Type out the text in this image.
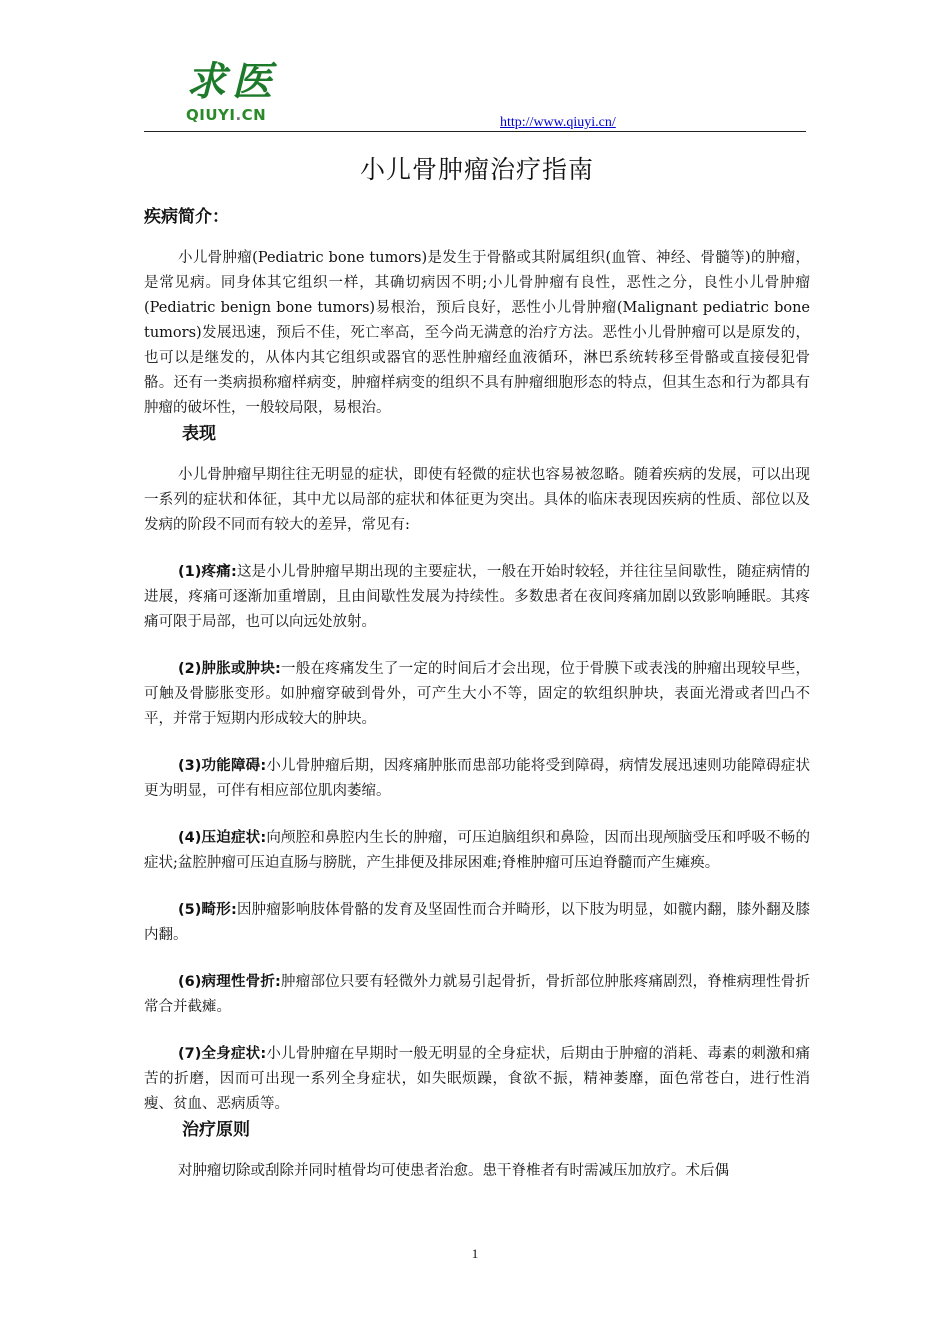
求医
QIUYI.CN	http://www.qiuyi.cn/
小儿骨肿瘤治疗指南
疾病简介：

小儿骨肿瘤(Pediatric bone tumors)是发生于骨骼或其附属组织(血管、神经、骨髓等)的肿瘤，是常见病。同身体其它组织一样，其确切病因不明;小儿骨肿瘤有良性，恶性之分，良性小儿骨肿瘤(Pediatric benign bone tumors)易根治，预后良好，恶性小儿骨肿瘤(Malignant pediatric bone tumors)发展迅速，预后不佳，死亡率高，至今尚无满意的治疗方法。恶性小儿骨肿瘤可以是原发的，也可以是继发的，从体内其它组织或器官的恶性肿瘤经血液循环，淋巴系统转移至骨骼或直接侵犯骨骼。还有一类病损称瘤样病变，肿瘤样病变的组织不具有肿瘤细胞形态的特点，但其生态和行为都具有肿瘤的破坏性，一般较局限，易根治。

表现

小儿骨肿瘤早期往往无明显的症状，即使有轻微的症状也容易被忽略。随着疾病的发展，可以出现一系列的症状和体征，其中尤以局部的症状和体征更为突出。具体的临床表现因疾病的性质、部位以及发病的阶段不同而有较大的差异，常见有:

(1)疼痛:这是小儿骨肿瘤早期出现的主要症状，一般在开始时较轻，并往往呈间歇性，随症病情的进展，疼痛可逐渐加重增剧，且由间歇性发展为持续性。多数患者在夜间疼痛加剧以致影响睡眠。其疼痛可限于局部，也可以向远处放射。

(2)肿胀或肿块:一般在疼痛发生了一定的时间后才会出现，位于骨膜下或表浅的肿瘤出现较早些，可触及骨膨胀变形。如肿瘤穿破到骨外，可产生大小不等，固定的软组织肿块，表面光滑或者凹凸不平，并常于短期内形成较大的肿块。

(3)功能障碍:小儿骨肿瘤后期，因疼痛肿胀而患部功能将受到障碍，病情发展迅速则功能障碍症状更为明显，可伴有相应部位肌肉萎缩。

(4)压迫症状:向颅腔和鼻腔内生长的肿瘤，可压迫脑组织和鼻险，因而出现颅脑受压和呼吸不畅的症状;盆腔肿瘤可压迫直肠与膀胱，产生排便及排尿困难;脊椎肿瘤可压迫脊髓而产生瘫痪。

(5)畸形:因肿瘤影响肢体骨骼的发育及坚固性而合并畸形，以下肢为明显，如髋内翻，膝外翻及膝内翻。

(6)病理性骨折:肿瘤部位只要有轻微外力就易引起骨折，骨折部位肿胀疼痛剧烈，脊椎病理性骨折常合并截瘫。

(7)全身症状:小儿骨肿瘤在早期时一般无明显的全身症状，后期由于肿瘤的消耗、毒素的刺激和痛苦的折磨，因而可出现一系列全身症状，如失眠烦躁，食欲不振，精神萎靡，面色常苍白，进行性消瘦、贫血、恶病质等。

治疗原则

对肿瘤切除或刮除并同时植骨均可使患者治愈。患干脊椎者有时需减压加放疗。术后偶

1
